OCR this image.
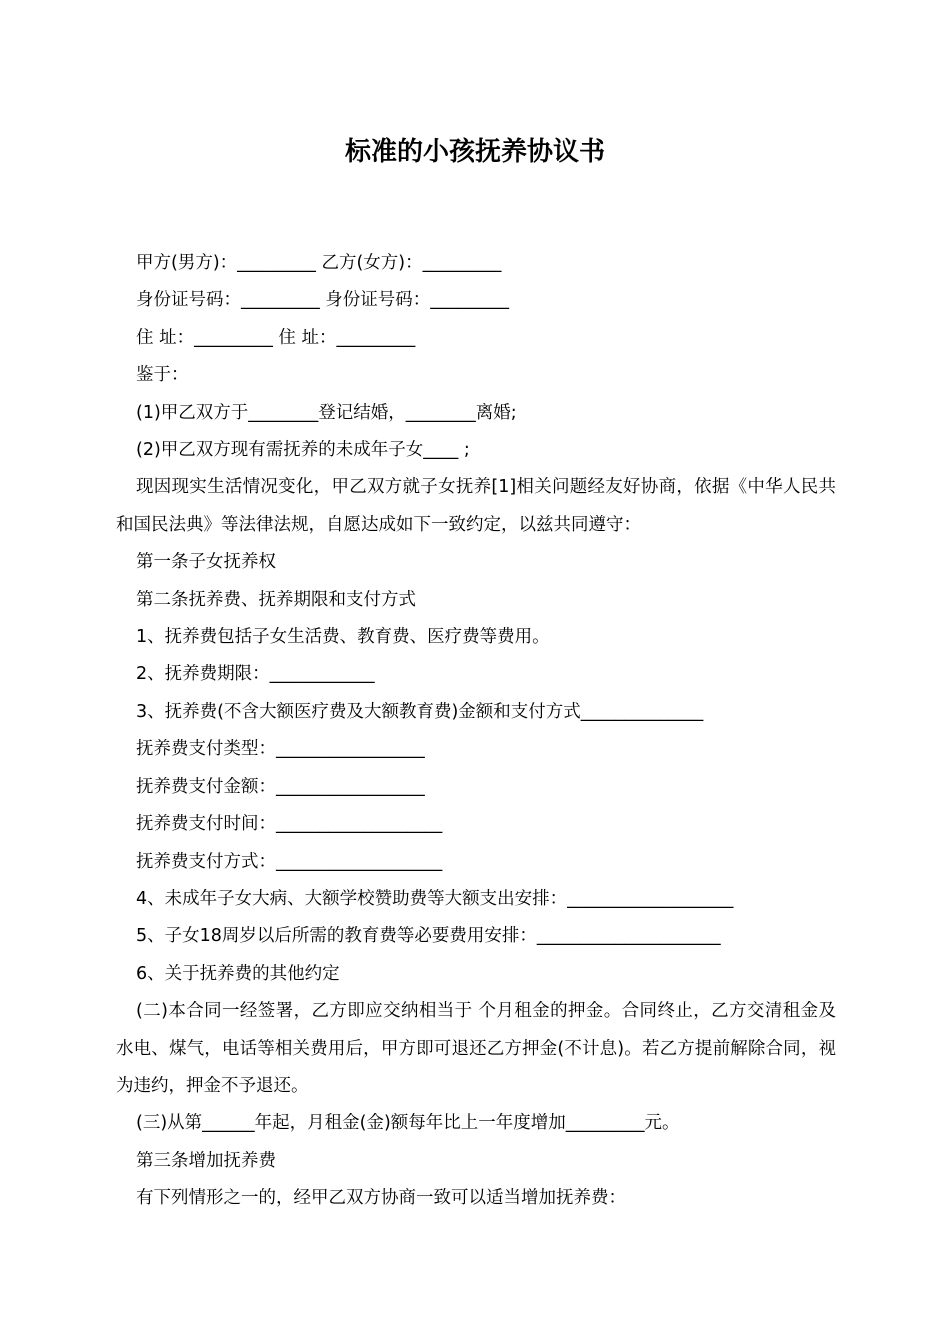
标准的小孩抚养协议书

甲方(男方)：_________ 乙方(女方)：_________

身份证号码：_________ 身份证号码：_________

住 址：_________ 住 址：_________

鉴于：

(1)甲乙双方于________登记结婚，________离婚;

(2)甲乙双方现有需抚养的未成年子女____ ;

现因现实生活情况变化，甲乙双方就子女抚养[1]相关问题经友好协商，依据《中华人民共和国民法典》等法律法规，自愿达成如下一致约定，以兹共同遵守：

第一条子女抚养权

第二条抚养费、抚养期限和支付方式

1、抚养费包括子女生活费、教育费、医疗费等费用。

2、抚养费期限：____________

3、抚养费(不含大额医疗费及大额教育费)金额和支付方式______________

抚养费支付类型：_________________

抚养费支付金额：_________________

抚养费支付时间：___________________

抚养费支付方式：___________________

4、未成年子女大病、大额学校赞助费等大额支出安排：___________________

5、子女18周岁以后所需的教育费等必要费用安排：_____________________

6、关于抚养费的其他约定

(二)本合同一经签署，乙方即应交纳相当于 个月租金的押金。合同终止，乙方交清租金及水电、煤气，电话等相关费用后，甲方即可退还乙方押金(不计息)。若乙方提前解除合同，视为违约，押金不予退还。

(三)从第______年起，月租金(金)额每年比上一年度增加_________元。

第三条增加抚养费

有下列情形之一的，经甲乙双方协商一致可以适当增加抚养费：
